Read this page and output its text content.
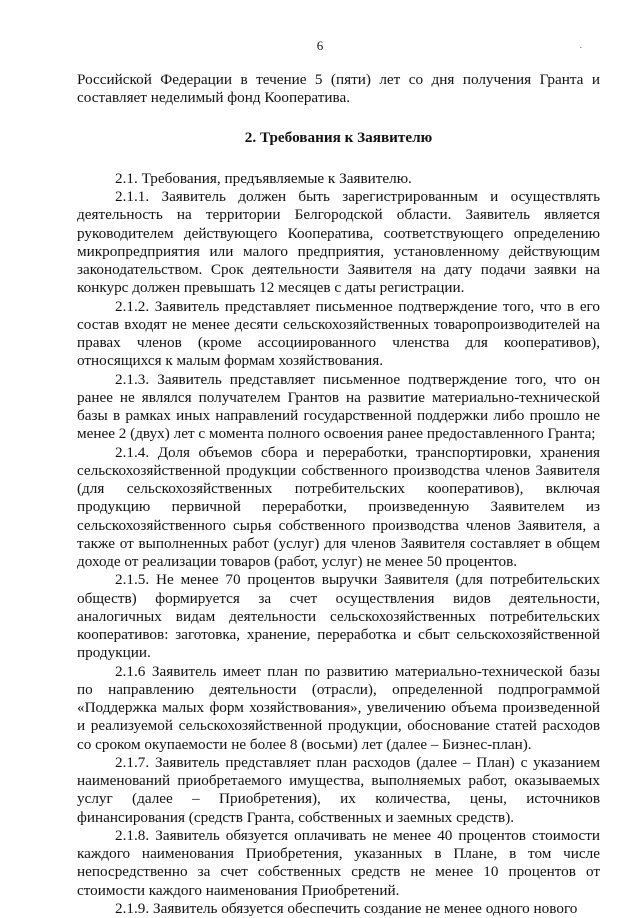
6	.

Российской Федерации в течение 5 (пяти) лет со дня получения Гранта и составляет неделимый фонд Кооператива.

2. Требования к Заявителю

2.1. Требования, предъявляемые к Заявителю.

2.1.1. Заявитель должен быть зарегистрированным и осуществлять деятельность на территории Белгородской области. Заявитель является руководителем действующего Кооператива, соответствующего определению микропредприятия или малого предприятия, установленному действующим законодательством. Срок деятельности Заявителя на дату подачи заявки на конкурс должен превышать 12 месяцев с даты регистрации.

2.1.2. Заявитель представляет письменное подтверждение того, что в его состав входят не менее десяти сельскохозяйственных товаропроизводителей на правах членов (кроме ассоциированного членства для кооперативов), относящихся к малым формам хозяйствования.

2.1.3. Заявитель представляет письменное подтверждение того, что он ранее не являлся получателем Грантов на развитие материально-технической базы в рамках иных направлений государственной поддержки либо прошло не менее 2 (двух) лет с момента полного освоения ранее предоставленного Гранта;

2.1.4. Доля объемов сбора и переработки, транспортировки, хранения сельскохозяйственной продукции собственного производства членов Заявителя (для сельскохозяйственных потребительских кооперативов), включая продукцию первичной переработки, произведенную Заявителем из сельскохозяйственного сырья собственного производства членов Заявителя, а также от выполненных работ (услуг) для членов Заявителя составляет в общем доходе от реализации товаров (работ, услуг) не менее 50 процентов.

2.1.5. Не менее 70 процентов выручки Заявителя (для потребительских обществ) формируется за счет осуществления видов деятельности, аналогичных видам деятельности сельскохозяйственных потребительских кооперативов: заготовка, хранение, переработка и сбыт сельскохозяйственной продукции.

2.1.6 Заявитель имеет план по развитию материально-технической базы по направлению деятельности (отрасли), определенной подпрограммой «Поддержка малых форм хозяйствования», увеличению объема произведенной и реализуемой сельскохозяйственной продукции, обоснование статей расходов со сроком окупаемости не более 8 (восьми) лет (далее – Бизнес-план).

2.1.7. Заявитель представляет план расходов (далее – План) с указанием наименований приобретаемого имущества, выполняемых работ, оказываемых услуг (далее – Приобретения), их количества, цены, источников финансирования (средств Гранта, собственных и заемных средств).

2.1.8. Заявитель обязуется оплачивать не менее 40 процентов стоимости каждого наименования Приобретения, указанных в Плане, в том числе непосредственно за счет собственных средств не менее 10 процентов от стоимости каждого наименования Приобретений.

2.1.9. Заявитель обязуется обеспечить создание не менее одного нового
